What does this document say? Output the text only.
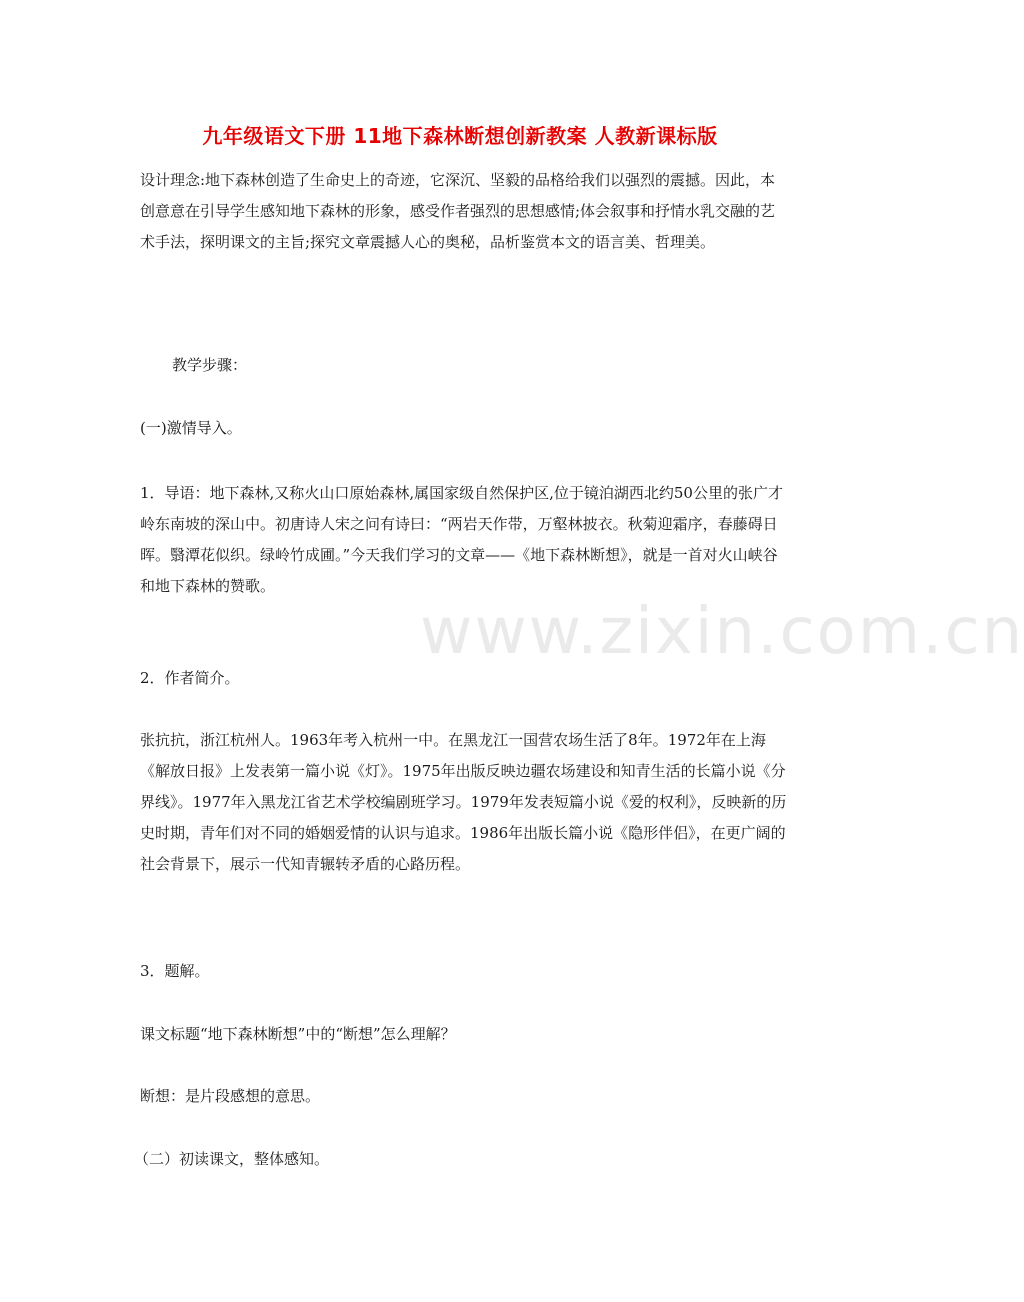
九年级语文下册 11地下森林断想创新教案 人教新课标版

设计理念:地下森林创造了生命史上的奇迹，它深沉、坚毅的品格给我们以强烈的震撼。因此，本创意意在引导学生感知地下森林的形象，感受作者强烈的思想感情;体会叙事和抒情水乳交融的艺术手法，探明课文的主旨;探究文章震撼人心的奥秘，品析鉴赏本文的语言美、哲理美。

教学步骤：

(一)激情导入。

1．导语：地下森林,又称火山口原始森林,属国家级自然保护区,位于镜泊湖西北约50公里的张广才岭东南坡的深山中。初唐诗人宋之问有诗曰：“两岩天作带，万壑林披衣。秋菊迎霜序，春藤碍日晖。翳潭花似织。绿岭竹成圃。”今天我们学习的文章——《地下森林断想》，就是一首对火山峡谷和地下森林的赞歌。

2．作者简介。

张抗抗，浙江杭州人。1963年考入杭州一中。在黑龙江一国营农场生活了8年。1972年在上海《解放日报》上发表第一篇小说《灯》。1975年出版反映边疆农场建设和知青生活的长篇小说《分界线》。1977年入黑龙江省艺术学校编剧班学习。1979年发表短篇小说《爱的权利》，反映新的历史时期，青年们对不同的婚姻爱情的认识与追求。1986年出版长篇小说《隐形伴侣》，在更广阔的社会背景下，展示一代知青辗转矛盾的心路历程。

3．题解。

课文标题“地下森林断想”中的“断想”怎么理解？

断想：是片段感想的意思。

（二）初读课文，整体感知。

www.zixin.com.cn
